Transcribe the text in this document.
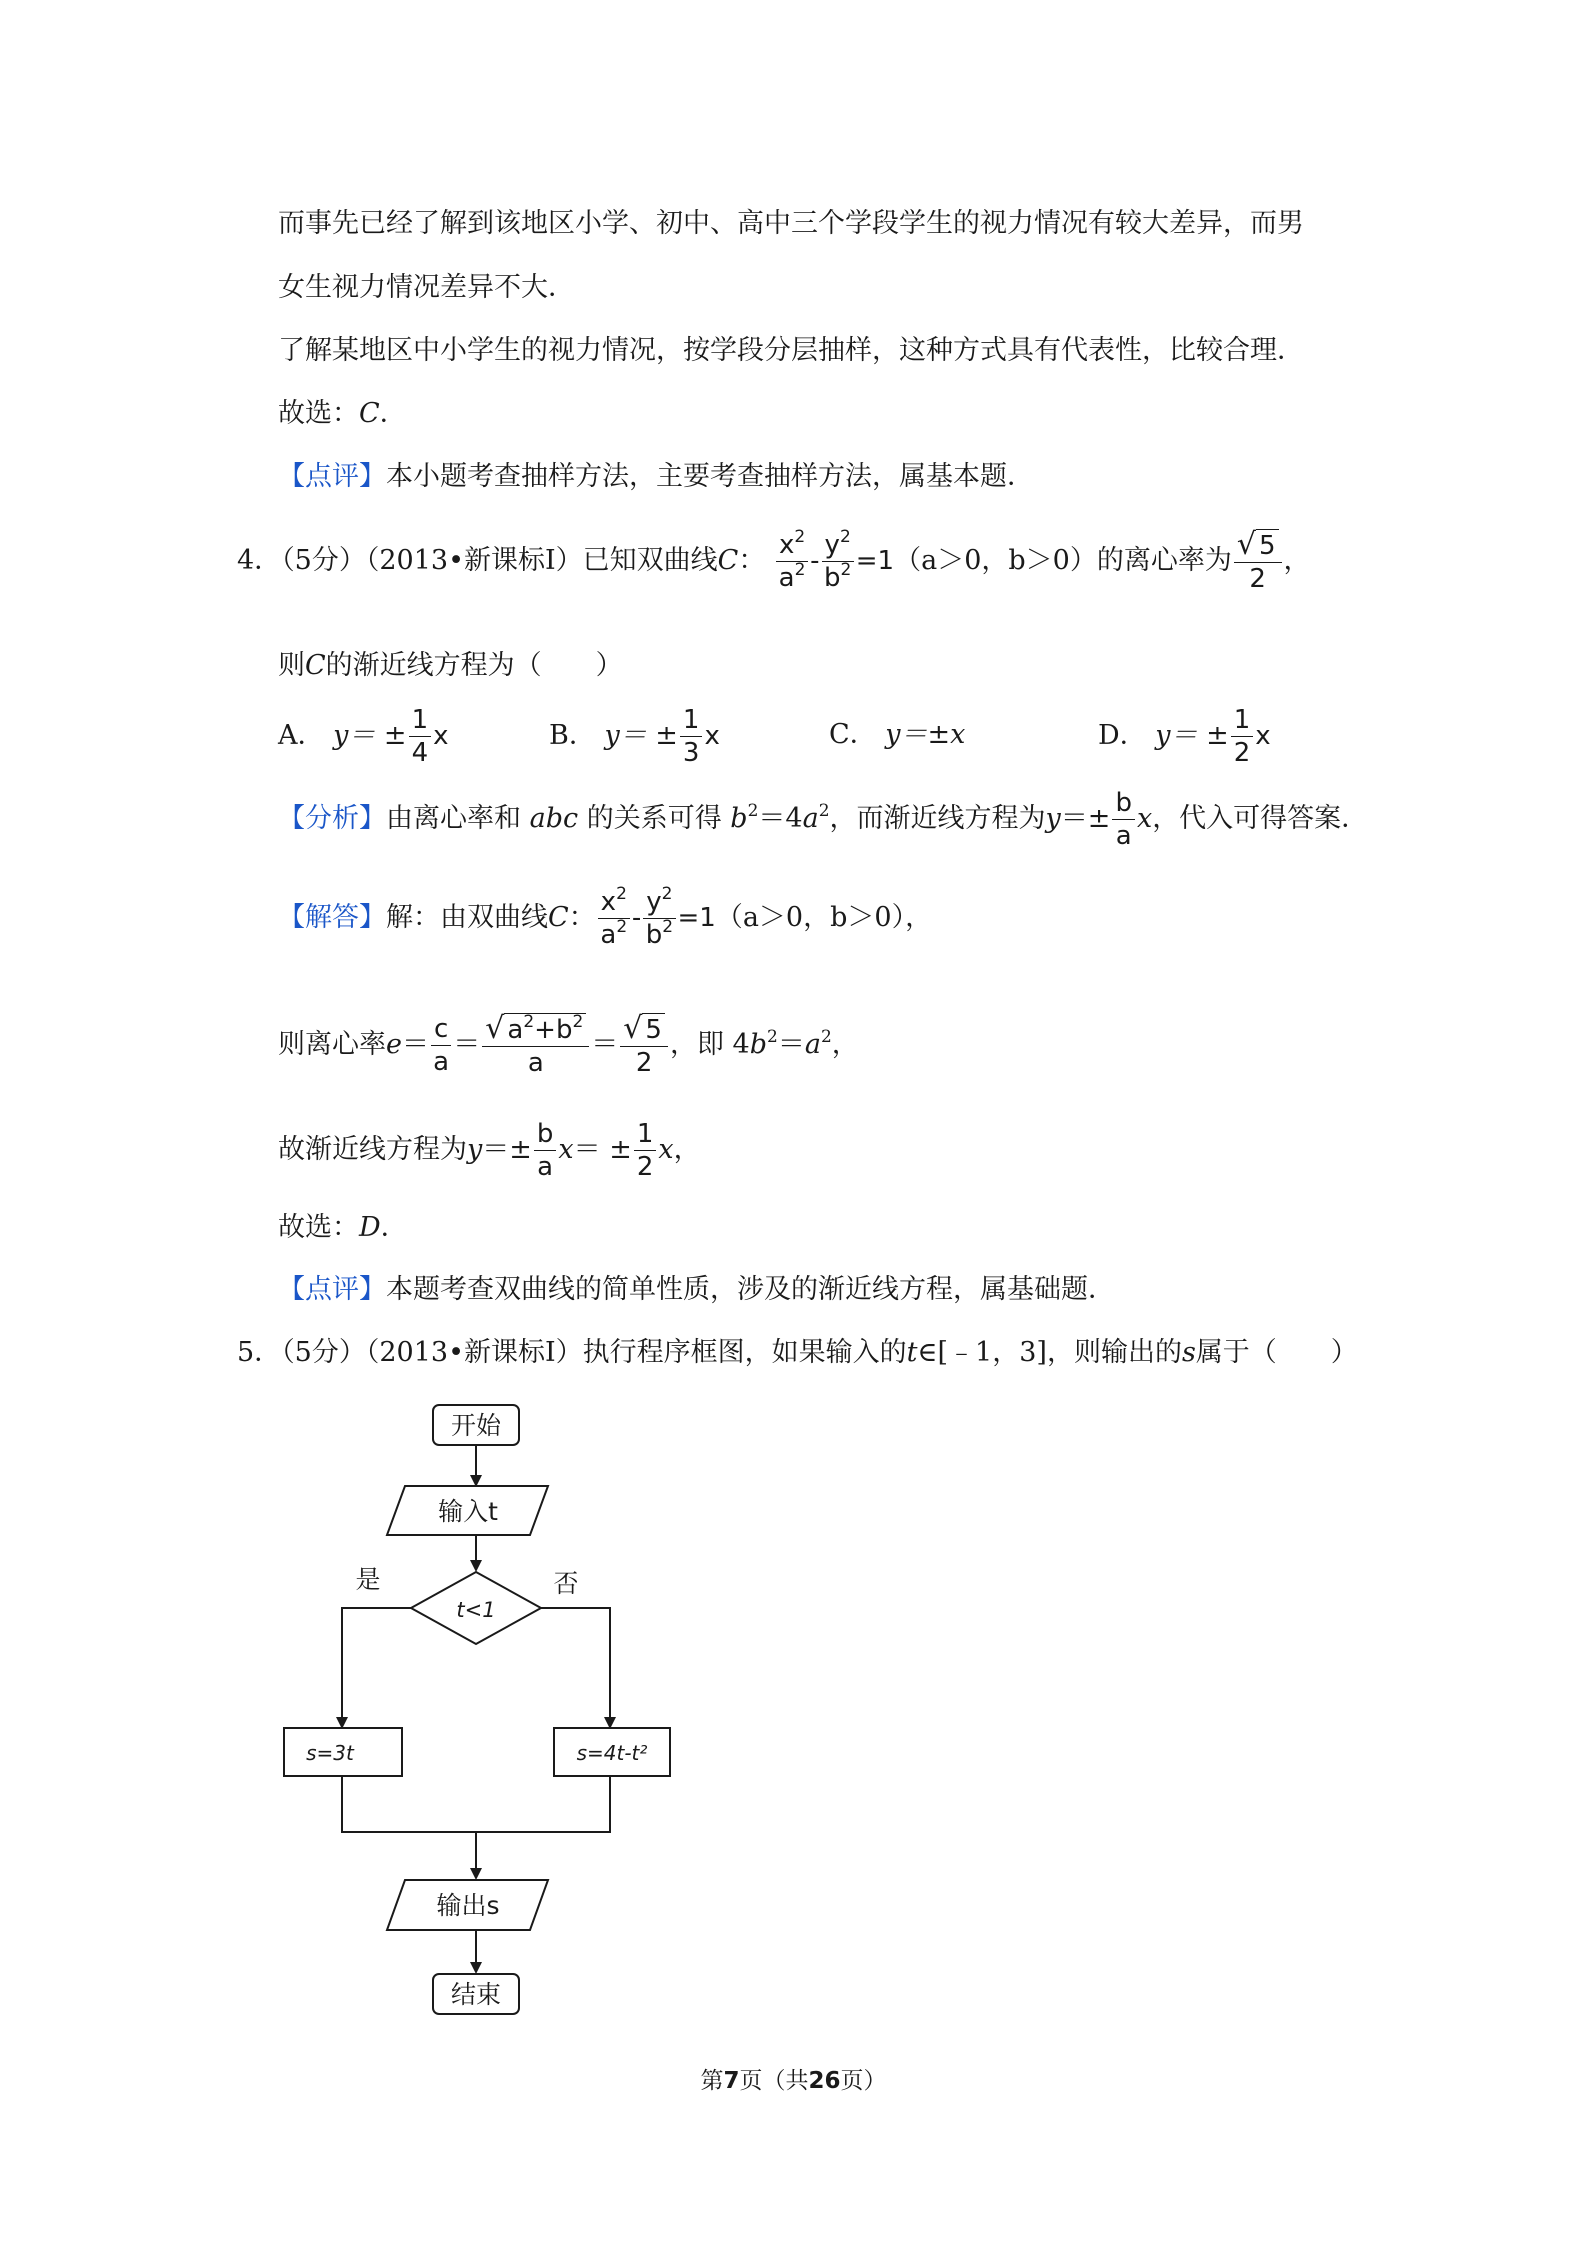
而事先已经了解到该地区小学、初中、高中三个学段学生的视力情况有较大差异，而男
女生视力情况差异不大．
了解某地区中小学生的视力情况，按学段分层抽样，这种方式具有代表性，比较合理．
故选：C．
【点评】本小题考查抽样方法，主要考查抽样方法，属基本题．
4．（5分）（2013•新课标Ⅰ）已知双曲线C： $\frac{x^2}{a^2} - \frac{y^2}{b^2} =1(a>0$，b＞0）的离心率为 $\frac{√ 5}{2}$ ，
则C的渐近线方程为（　　）
A． $y= \pm \frac{1}{4}$ x	B． $y= \pm \frac{1}{3}$ x	C． y＝±x	D． $y= \pm \frac{1}{2}$ x
【分析】由离心率和 abc 的关系可得 $b^2=4a^2$，而渐近线方程为$y=\pm \frac{b}{a}$ x，代入可得答案．
【解答】解：由双曲线C： $\frac{x^2}{a^2} - \frac{y^2}{b^2} =1(a>0$，b＞0），
则离心率$e= \frac{c}{a} = \frac{√ a^2+b^2}{a} = \frac{√ 5}{2}$ ，即 $4b^2=a^2$，
故渐近线方程为$y=\pm \frac{b}{a} x= \pm \frac{1}{2}$ x，
故选：D．
【点评】本题考查双曲线的简单性质，涉及的渐近线方程，属基础题．
5．（5分）（2013•新课标Ⅰ）执行程序框图，如果输入的t∈[﹣1，3]，则输出的s属于（　　）
开始
输入t
t<1
是	否
s=3t	s=4t-t²
输出s
结束
第7页（共26页）
